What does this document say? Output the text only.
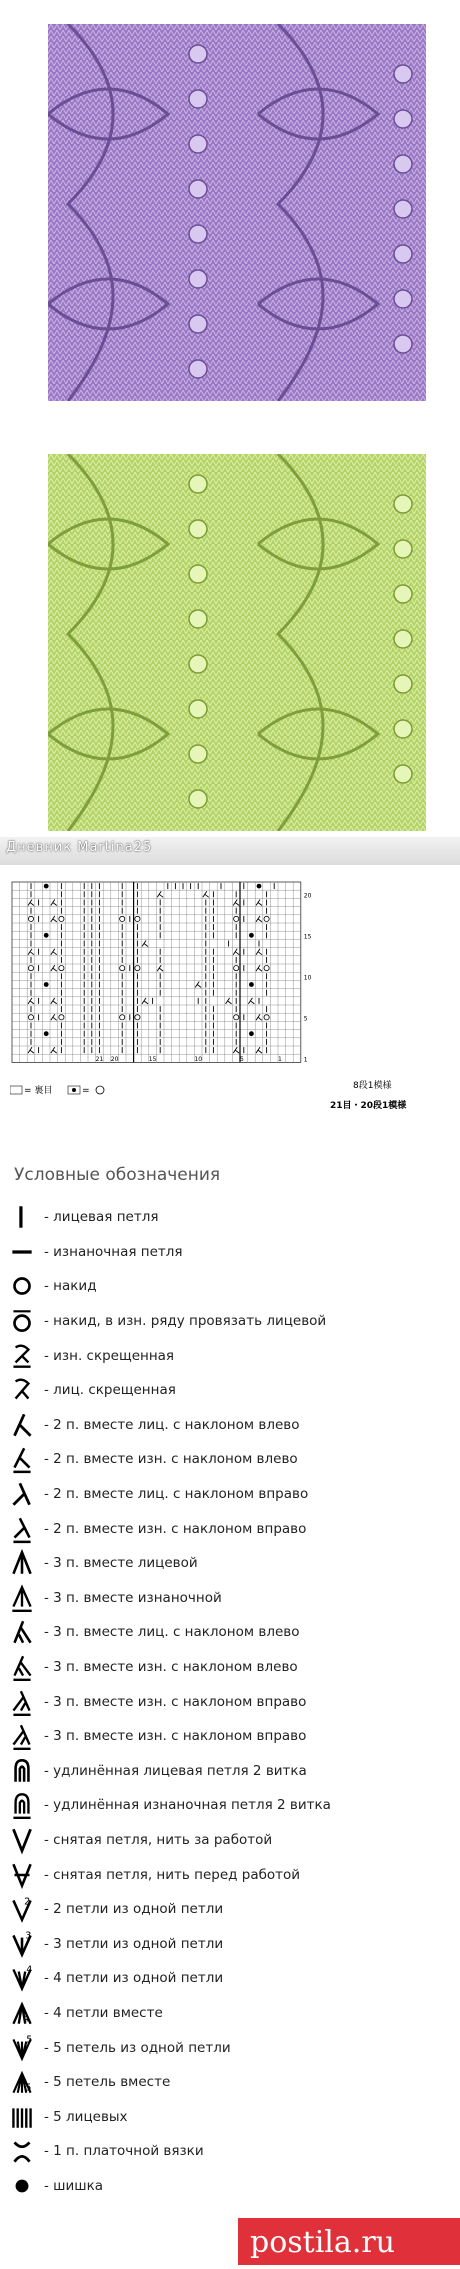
Дневник Martina25
20
15
10
5
1
21 20	15	10	5	1
= 裏目	=	8段1模様
21目・20段1模様
Условные обозначения
- лицевая петля
- изнаночная петля
- накид
- накид, в изн. ряду провязать лицевой
- изн. скрещенная
- лиц. скрещенная
- 2 п. вместе лиц. с наклоном влево
- 2 п. вместе изн. с наклоном влево
- 2 п. вместе лиц. с наклоном вправо
- 2 п. вместе изн. с наклоном вправо
- 3 п. вместе лицевой
- 3 п. вместе изнаночной
- 3 п. вместе лиц. с наклоном влево
- 3 п. вместе изн. с наклоном влево
- 3 п. вместе изн. с наклоном вправо
- 3 п. вместе изн. с наклоном вправо
- удлинённая лицевая петля 2 витка
- удлинённая изнаночная петля 2 витка
- снятая петля, нить за работой
- снятая петля, нить перед работой
2 - 2 петли из одной петли
3 - 3 петли из одной петли
4 - 4 петли из одной петли
4 - 4 петли вместе
5 - 5 петель из одной петли
5 - 5 петель вместе
- 5 лицевых
- 1 п. платочной вязки
- шишка
postila.ru
